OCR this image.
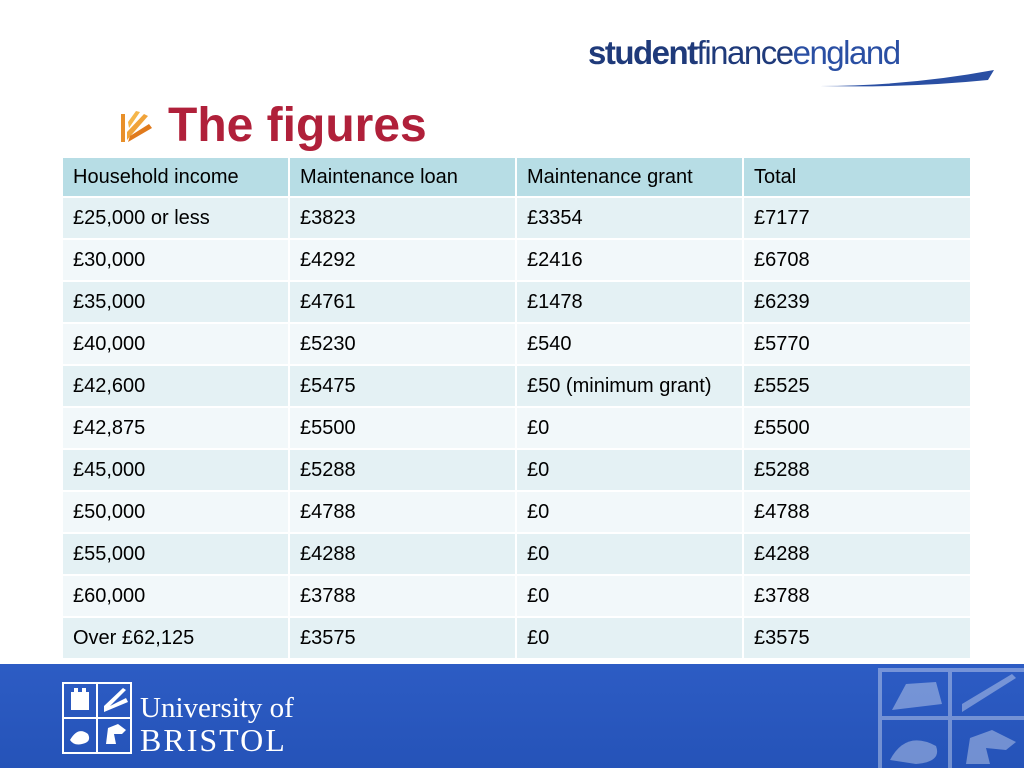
studentfinanceengland
The figures
Household income	Maintenance loan	Maintenance grant	Total
£25,000 or less	£3823	£3354	£7177
£30,000	£4292	£2416	£6708
£35,000	£4761	£1478	£6239
£40,000	£5230	£540	£5770
£42,600	£5475	£50 (minimum grant)	£5525
£42,875	£5500	£0	£5500
£45,000	£5288	£0	£5288
£50,000	£4788	£0	£4788
£55,000	£4288	£0	£4288
£60,000	£3788	£0	£3788
Over £62,125	£3575	£0	£3575
University of
BRISTOL
